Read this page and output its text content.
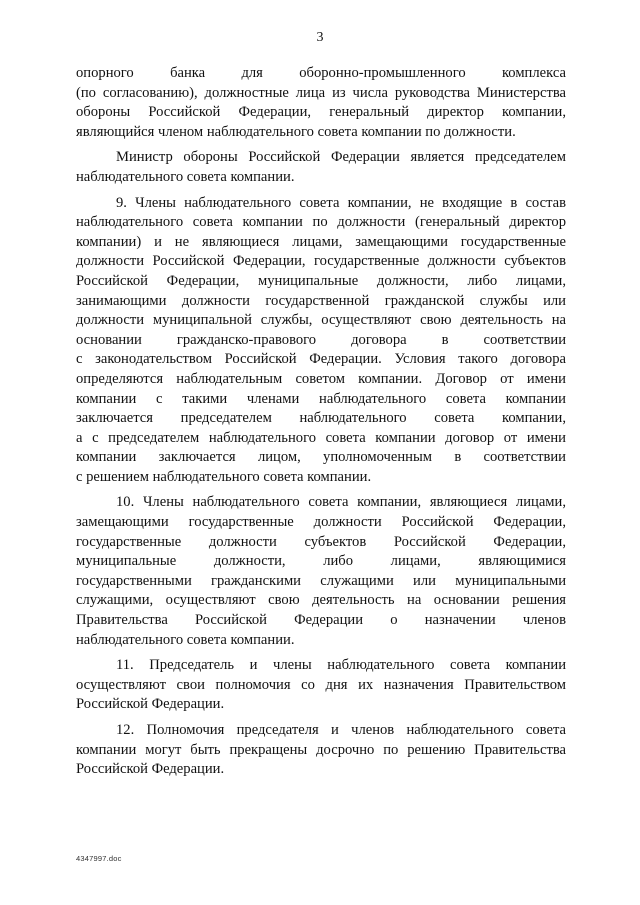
3
опорного банка для оборонно-промышленного комплекса
(по согласованию), должностные лица из числа руководства Министерства
обороны Российской Федерации, генеральный директор компании,
являющийся членом наблюдательного совета компании по должности.
Министр обороны Российской Федерации является председателем
наблюдательного совета компании.
9. Члены наблюдательного совета компании, не входящие в состав
наблюдательного совета компании по должности (генеральный директор
компании) и не являющиеся лицами, замещающими государственные
должности Российской Федерации, государственные должности субъектов
Российской Федерации, муниципальные должности, либо лицами,
занимающими должности государственной гражданской службы или
должности муниципальной службы, осуществляют свою деятельность на
основании гражданско-правового договора в соответствии
с законодательством Российской Федерации. Условия такого договора
определяются наблюдательным советом компании. Договор от имени
компании с такими членами наблюдательного совета компании
заключается председателем наблюдательного совета компании,
а с председателем наблюдательного совета компании договор от имени
компании заключается лицом, уполномоченным в соответствии
с решением наблюдательного совета компании.
10. Члены наблюдательного совета компании, являющиеся лицами,
замещающими государственные должности Российской Федерации,
государственные должности субъектов Российской Федерации,
муниципальные должности, либо лицами, являющимися
государственными гражданскими служащими или муниципальными
служащими, осуществляют свою деятельность на основании решения
Правительства Российской Федерации о назначении членов
наблюдательного совета компании.
11. Председатель и члены наблюдательного совета компании
осуществляют свои полномочия со дня их назначения Правительством
Российской Федерации.
12. Полномочия председателя и членов наблюдательного совета
компании могут быть прекращены досрочно по решению Правительства
Российской Федерации.
4347997.doc
